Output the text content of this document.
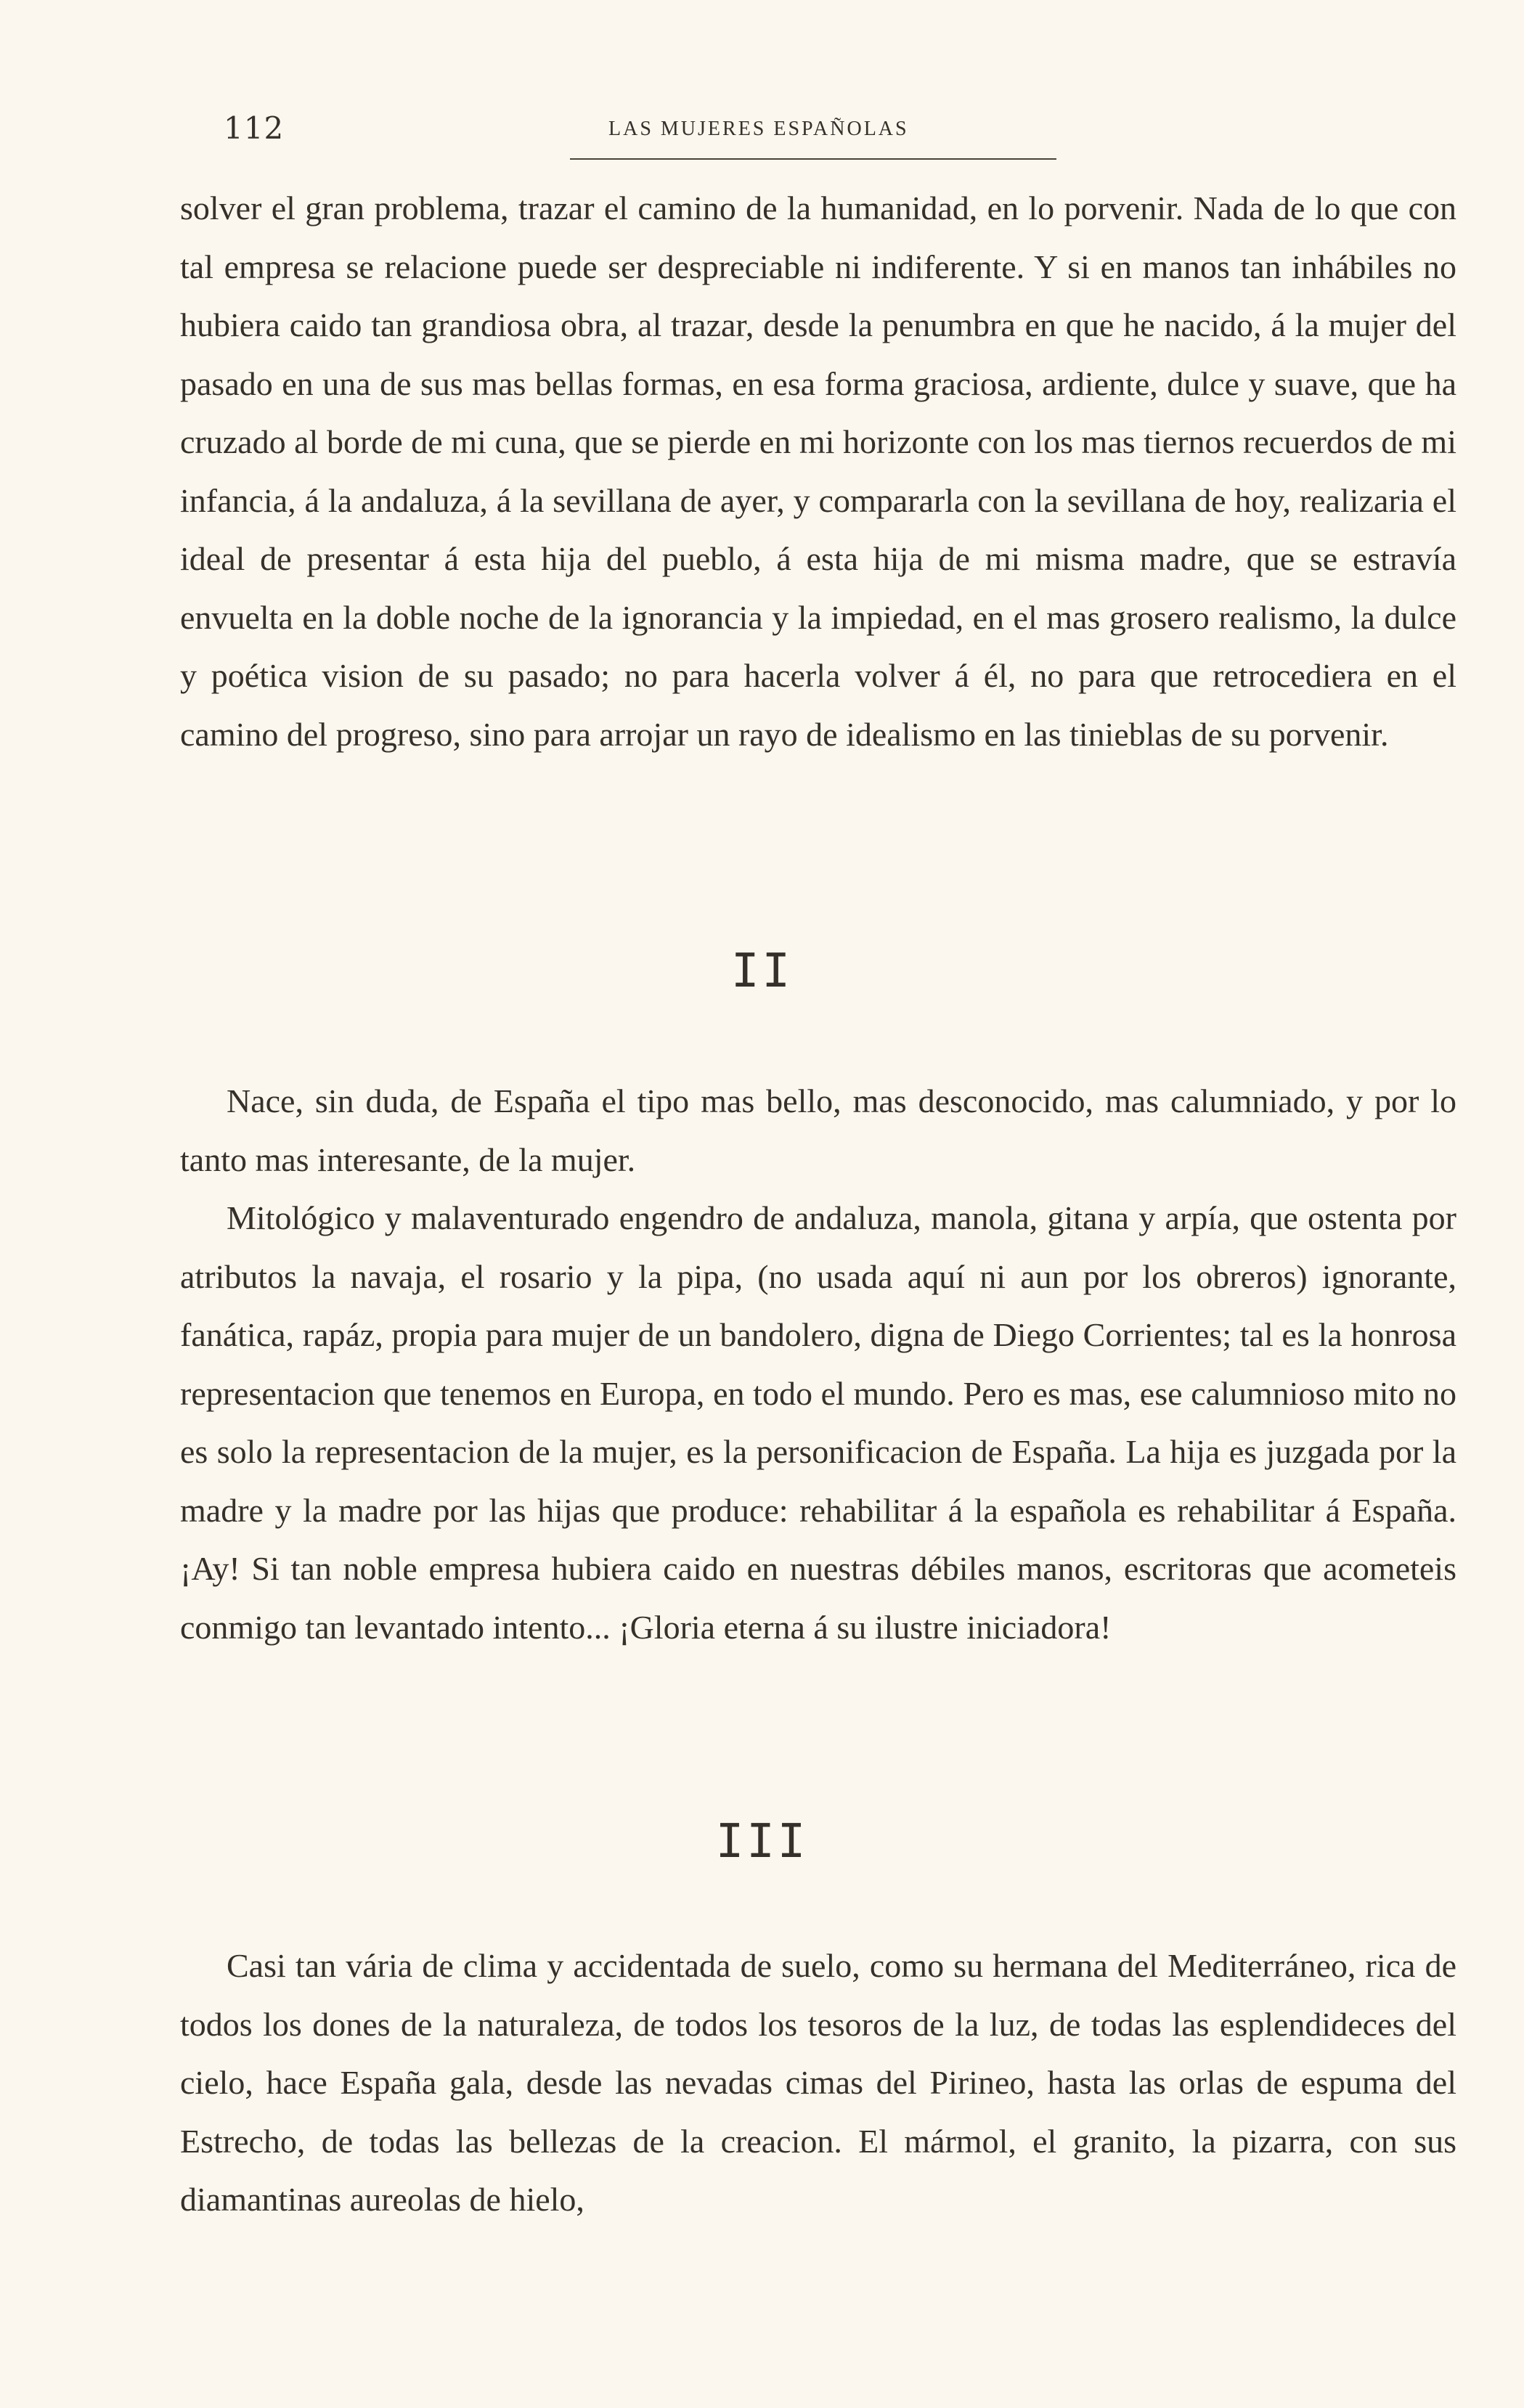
112	LAS MUJERES ESPAÑOLAS

solver el gran problema, trazar el camino de la humanidad, en lo porvenir. Nada de lo que con tal empresa se relacione puede ser despreciable ni indiferente. Y si en manos tan inhábiles no hubiera caido tan grandiosa obra, al trazar, desde la penumbra en que he nacido, á la mujer del pasado en una de sus mas bellas formas, en esa forma graciosa, ardiente, dulce y suave, que ha cruzado al borde de mi cuna, que se pierde en mi horizonte con los mas tiernos recuerdos de mi infancia, á la andaluza, á la sevillana de ayer, y compararla con la sevillana de hoy, realizaria el ideal de presentar á esta hija del pueblo, á esta hija de mi misma madre, que se estravía envuelta en la doble noche de la ignorancia y la impiedad, en el mas grosero realismo, la dulce y poética vision de su pasado; no para hacerla volver á él, no para que retrocediera en el camino del progreso, sino para arrojar un rayo de idealismo en las tinieblas de su porvenir.

II

Nace, sin duda, de España el tipo mas bello, mas desconocido, mas calumniado, y por lo tanto mas interesante, de la mujer.

Mitológico y malaventurado engendro de andaluza, manola, gitana y arpía, que ostenta por atributos la navaja, el rosario y la pipa, (no usada aquí ni aun por los obreros) ignorante, fanática, rapáz, propia para mujer de un bandolero, digna de Diego Corrientes; tal es la honrosa representacion que tenemos en Europa, en todo el mundo. Pero es mas, ese calumnioso mito no es solo la representacion de la mujer, es la personificacion de España. La hija es juzgada por la madre y la madre por las hijas que produce: rehabilitar á la española es rehabilitar á España. ¡Ay! Si tan noble empresa hubiera caido en nuestras débiles manos, escritoras que acometeis conmigo tan levantado intento... ¡Gloria eterna á su ilustre iniciadora!

III

Casi tan vária de clima y accidentada de suelo, como su hermana del Mediterráneo, rica de todos los dones de la naturaleza, de todos los tesoros de la luz, de todas las esplendideces del cielo, hace España gala, desde las nevadas cimas del Pirineo, hasta las orlas de espuma del Estrecho, de todas las bellezas de la creacion. El mármol, el granito, la pizarra, con sus diamantinas aureolas de hielo,
